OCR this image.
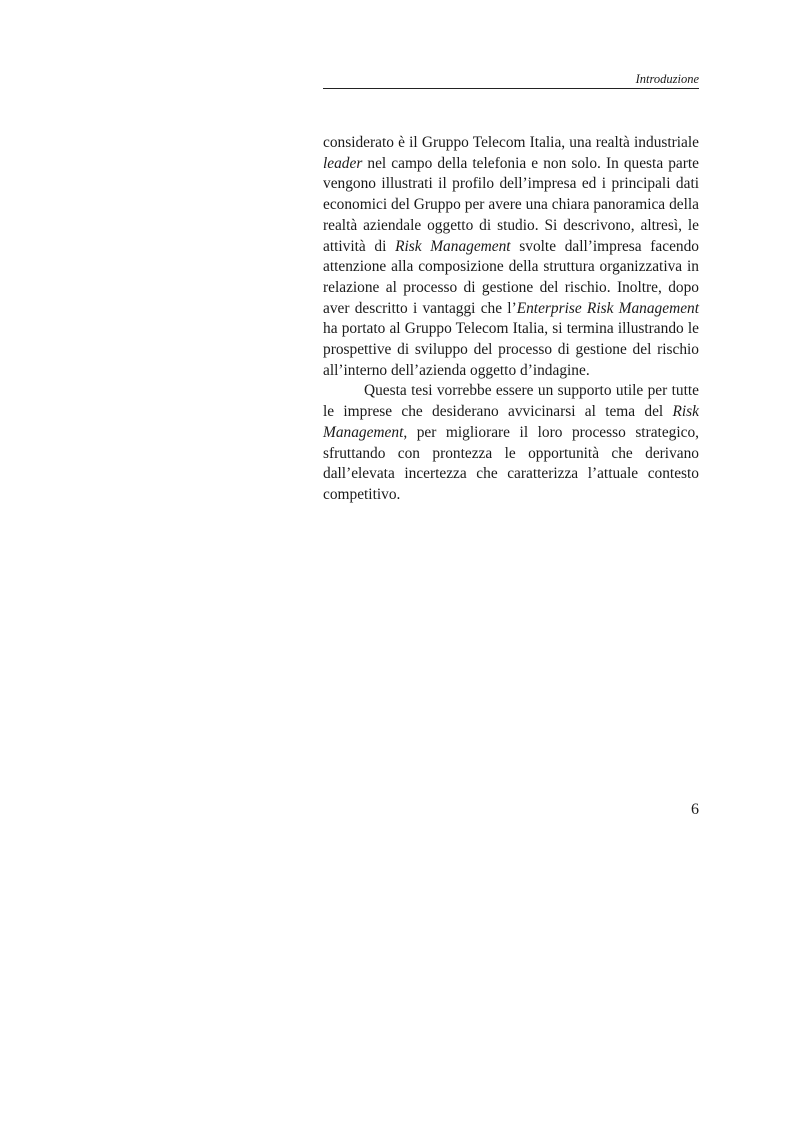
Introduzione

considerato è il Gruppo Telecom Italia, una realtà industriale leader nel campo della telefonia e non solo. In questa parte vengono illustrati il profilo dell’impresa ed i principali dati economici del Gruppo per avere una chiara panoramica della realtà aziendale oggetto di studio. Si descrivono, altresì, le attività di Risk Management svolte dall’impresa facendo attenzione alla composizione della struttura organizzativa in relazione al processo di gestione del rischio. Inoltre, dopo aver descritto i vantaggi che l’Enterprise Risk Management ha portato al Gruppo Telecom Italia, si termina illustrando le prospettive di sviluppo del processo di gestione del rischio all’interno dell’azienda oggetto d’indagine.

Questa tesi vorrebbe essere un supporto utile per tutte le imprese che desiderano avvicinarsi al tema del Risk Management, per migliorare il loro processo strategico, sfruttando con prontezza le opportunità che derivano dall’elevata incertezza che caratterizza l’attuale contesto competitivo.

6
